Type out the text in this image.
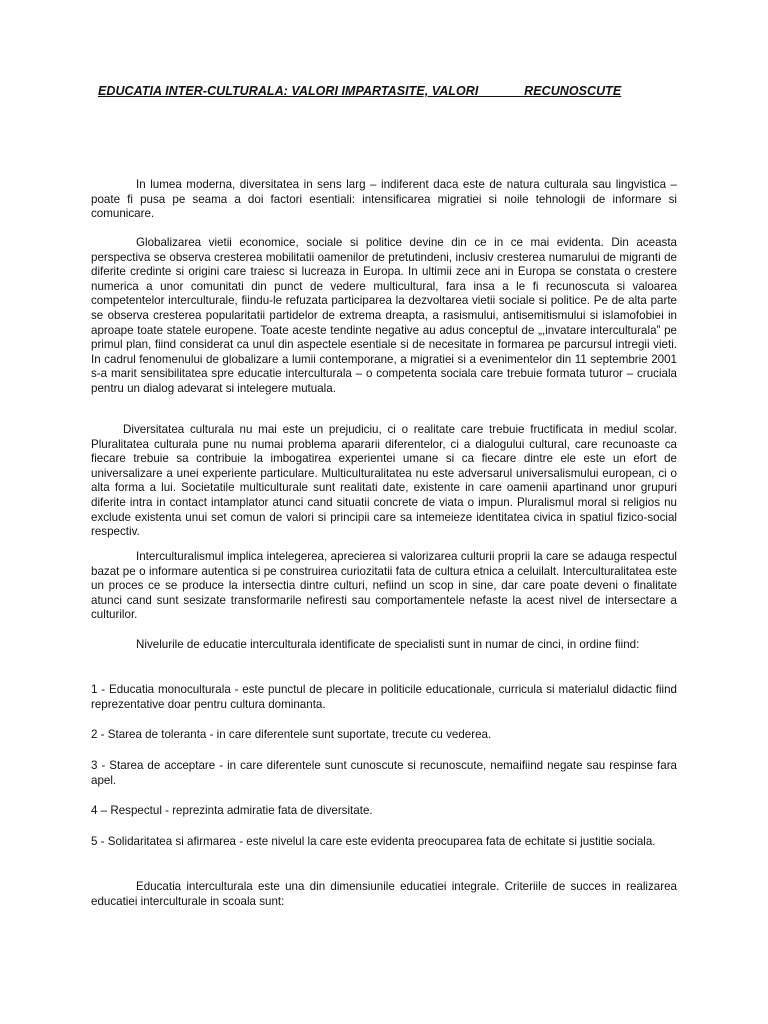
EDUCATIA INTER-CULTURALA: VALORI IMPARTASITE, VALORI             RECUNOSCUTE

In lumea moderna, diversitatea in sens larg – indiferent daca este de natura culturala sau lingvistica – poate fi pusa pe seama a doi factori esentiali: intensificarea migratiei si noile tehnologii de informare si comunicare.

Globalizarea vietii economice, sociale si politice devine din ce in ce mai evidenta. Din aceasta perspectiva se observa cresterea mobilitatii oamenilor de pretutindeni, inclusiv cresterea numarului de migranti de diferite credinte si origini care traiesc si lucreaza in Europa. In ultimii zece ani in Europa se constata o crestere numerica a unor comunitati din punct de vedere multicultural, fara insa a le fi recunoscuta si valoarea competentelor interculturale, fiindu-le refuzata participarea la dezvoltarea vietii sociale si politice. Pe de alta parte se observa cresterea popularitatii partidelor de extrema dreapta, a rasismului, antisemitismului si islamofobiei in aproape toate statele europene. Toate aceste tendinte negative au adus conceptul de „,invatare interculturala” pe primul plan, fiind considerat ca unul din aspectele esentiale si de necesitate in formarea pe parcursul intregii vieti. In cadrul fenomenului de globalizare a lumii contemporane, a migratiei si a evenimentelor din 11 septembrie 2001 s-a marit sensibilitatea spre educatie interculturala – o competenta sociala care trebuie formata tuturor – cruciala pentru un dialog adevarat si intelegere mutuala.

Diversitatea culturala nu mai este un prejudiciu, ci o realitate care trebuie fructificata in mediul scolar. Pluralitatea culturala pune nu numai problema apararii diferentelor, ci a dialogului cultural, care recunoaste ca fiecare trebuie sa contribuie la imbogatirea experientei umane si ca fiecare dintre ele este un efort de universalizare a unei experiente particulare. Multiculturalitatea nu este adversarul universalismului european, ci o alta forma a lui. Societatile multiculturale sunt realitati date, existente in care oamenii apartinand unor grupuri diferite intra in contact intamplator atunci cand situatii concrete de viata o impun. Pluralismul moral si religios nu exclude existenta unui set comun de valori si principii care sa intemeieze identitatea civica in spatiul fizico-social respectiv.

Interculturalismul implica intelegerea, aprecierea si valorizarea culturii proprii la care se adauga respectul bazat pe o informare autentica si pe construirea curiozitatii fata de cultura etnica a celuilalt. Interculturalitatea este un proces ce se produce la intersectia dintre culturi, nefiind un scop in sine, dar care poate deveni o finalitate atunci cand sunt sesizate transformarile nefiresti sau comportamentele nefaste la acest nivel de intersectare a culturilor.

Nivelurile de educatie interculturala identificate de specialisti sunt in numar de cinci, in ordine fiind:

1 - Educatia monoculturala - este punctul de plecare in politicile educationale, curricula si materialul didactic fiind reprezentative doar pentru cultura dominanta.

2 - Starea de toleranta - in care diferentele sunt suportate, trecute cu vederea.

3 - Starea de acceptare - in care diferentele sunt cunoscute si recunoscute, nemaifiind negate sau respinse fara apel.

4 – Respectul - reprezinta admiratie fata de diversitate.

5 - Solidaritatea si afirmarea - este nivelul la care este evidenta preocuparea fata de echitate si justitie sociala.

Educatia interculturala este una din dimensiunile educatiei integrale. Criteriile de succes in realizarea educatiei interculturale in scoala sunt:
